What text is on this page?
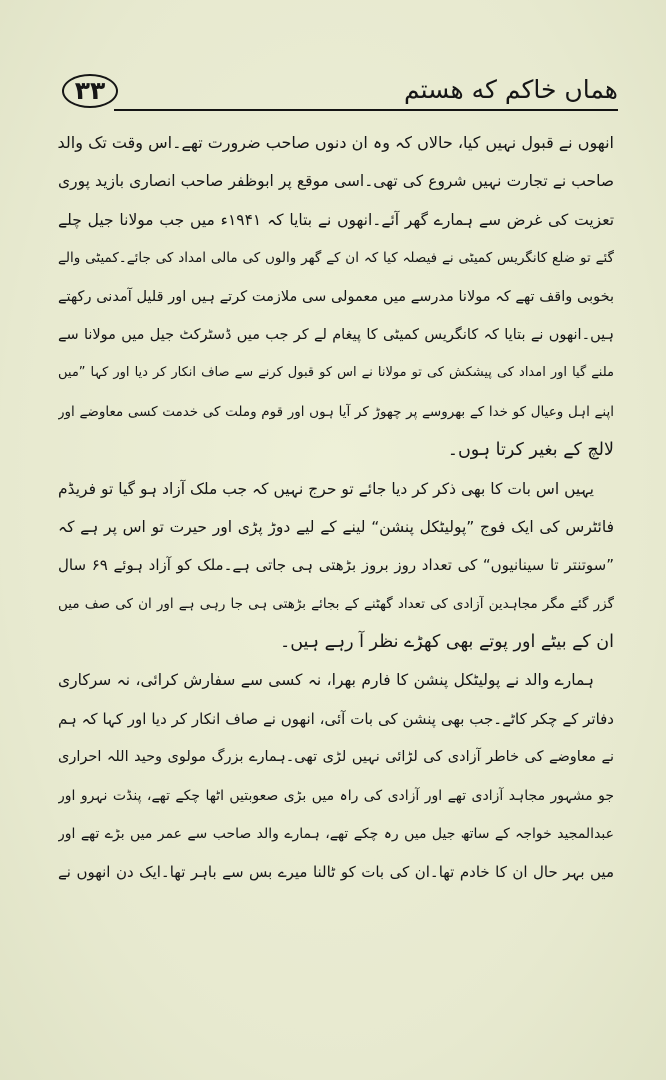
۳۳	هماں خاکم که هستم
انھوں نے قبول نہیں کیا، حالاں کہ وہ ان دنوں صاحب ضرورت تھے۔اس وقت تک والد
صاحب نے تجارت نہیں شروع کی تھی۔اسی موقع پر ابوظفر صاحب انصاری بازید پوری
تعزیت کی غرض سے ہمارے گھر آئے۔انھوں نے بتایا کہ ۱۹۴۱ء میں جب مولانا جیل چلے
گئے تو ضلع کانگریس کمیٹی نے فیصلہ کیا کہ ان کے گھر والوں کی مالی امداد کی جائے۔کمیٹی والے
بخوبی واقف تھے کہ مولانا مدرسے میں معمولی سی ملازمت کرتے ہیں اور قلیل آمدنی رکھتے
ہیں۔انھوں نے بتایا کہ کانگریس کمیٹی کا پیغام لے کر جب میں ڈسٹرکٹ جیل میں مولانا سے
ملنے گیا اور امداد کی پیشکش کی تو مولانا نے اس کو قبول کرنے سے صاف انکار کر دیا اور کہا ”میں
اپنے اہل وعیال کو خدا کے بھروسے پر چھوڑ کر آیا ہوں اور قوم وملت کی خدمت کسی معاوضے اور
لالچ کے بغیر کرتا ہوں۔
یہیں اس بات کا بھی ذکر کر دیا جائے تو حرج نہیں کہ جب ملک آزاد ہو گیا تو فریڈم
فائٹرس کی ایک فوج ”پولیٹکل پنشن“ لینے کے لیے دوڑ پڑی اور حیرت تو اس پر ہے کہ
”سوتنتر تا سینانیوں“ کی تعداد روز بروز بڑھتی ہی جاتی ہے۔ملک کو آزاد ہوئے ۶۹ سال
گزر گئے مگر مجاہدین آزادی کی تعداد گھٹنے کے بجائے بڑھتی ہی جا رہی ہے اور ان کی صف میں
ان کے بیٹے اور پوتے بھی کھڑے نظر آ رہے ہیں۔
ہمارے والد نے پولیٹکل پنشن کا فارم بھرا، نہ کسی سے سفارش کرائی، نہ سرکاری
دفاتر کے چکر کاٹے۔جب بھی پنشن کی بات آئی، انھوں نے صاف انکار کر دیا اور کہا کہ ہم
نے معاوضے کی خاطر آزادی کی لڑائی نہیں لڑی تھی۔ہمارے بزرگ مولوی وحید اللہ احراری
جو مشہور مجاہد آزادی تھے اور آزادی کی راہ میں بڑی صعوبتیں اٹھا چکے تھے، پنڈت نہرو اور
عبدالمجید خواجہ کے ساتھ جیل میں رہ چکے تھے، ہمارے والد صاحب سے عمر میں بڑے تھے اور
میں بہر حال ان کا خادم تھا۔ان کی بات کو ٹالنا میرے بس سے باہر تھا۔ایک دن انھوں نے
